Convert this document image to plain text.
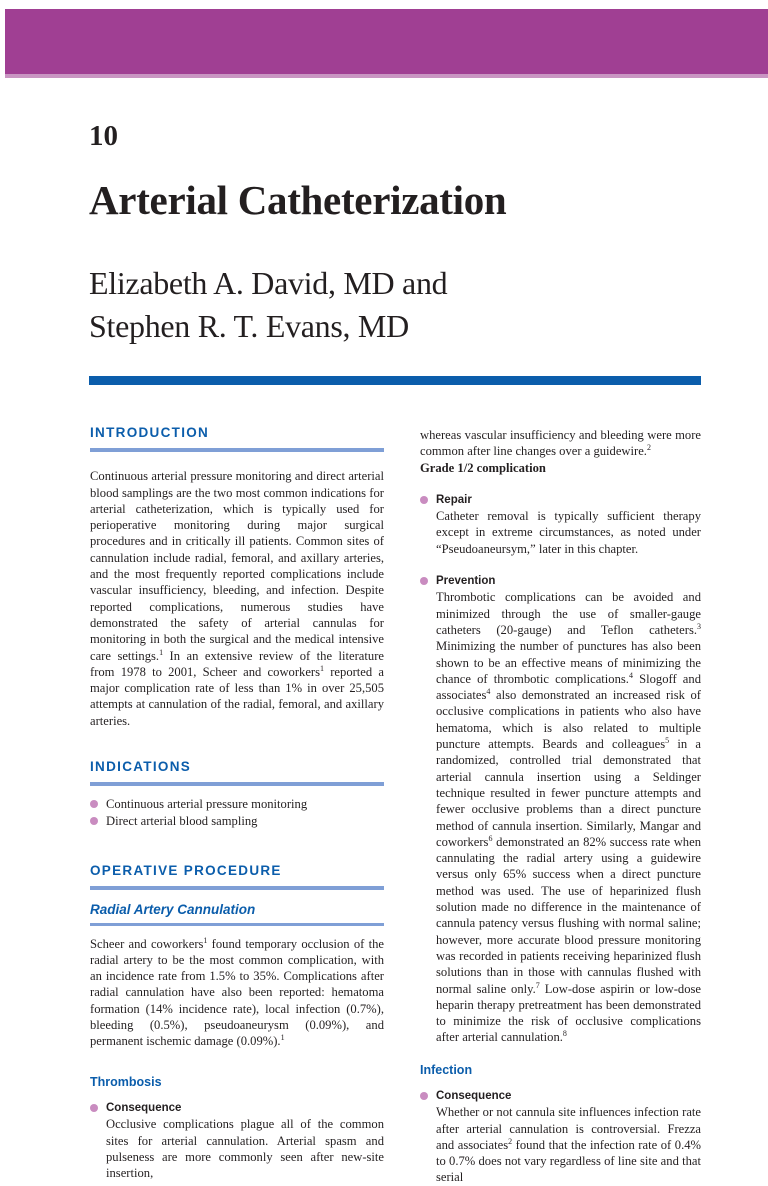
10
Arterial Catheterization
Elizabeth A. David, MD and
Stephen R. T. Evans, MD
INTRODUCTION

Continuous arterial pressure monitoring and direct arterial blood samplings are the two most common indications for arterial catheterization, which is typically used for perioperative monitoring during major surgical procedures and in critically ill patients. Common sites of cannulation include radial, femoral, and axillary arteries, and the most frequently reported complications include vascular insufficiency, bleeding, and infection. Despite reported complications, numerous studies have demonstrated the safety of arterial cannulas for monitoring in both the surgical and the medical intensive care settings.$^1$ In an extensive review of the literature from 1978 to 2001, Scheer and coworkers$^1$ reported a major complication rate of less than 1% in over 25,505 attempts at cannulation of the radial, femoral, and axillary arteries.

INDICATIONS
Continuous arterial pressure monitoring
Direct arterial blood sampling
OPERATIVE PROCEDURE
Radial Artery Cannulation

Scheer and coworkers$^1$ found temporary occlusion of the radial artery to be the most common complication, with an incidence rate from 1.5% to 35%. Complications after radial cannulation have also been reported: hematoma formation (14% incidence rate), local infection (0.7%), bleeding (0.5%), pseudoaneurysm (0.09%), and permanent ischemic damage (0.09%).$^1$

Thrombosis
Consequence

Occlusive complications plague all of the common sites for arterial cannulation. Arterial spasm and pulseness are more commonly seen after new-site insertion,

whereas vascular insufficiency and bleeding were more common after line changes over a guidewire.$^2$

Grade 1/2 complication
Repair

Catheter removal is typically sufficient therapy except in extreme circumstances, as noted under “Pseudoaneursym,” later in this chapter.

Prevention

Thrombotic complications can be avoided and minimized through the use of smaller-gauge catheters (20-gauge) and Teflon catheters.$^3$ Minimizing the number of punctures has also been shown to be an effective means of minimizing the chance of thrombotic complications.$^4$ Slogoff and associates$^4$ also demonstrated an increased risk of occlusive complications in patients who also have hematoma, which is also related to multiple puncture attempts. Beards and colleagues$^5$ in a randomized, controlled trial demonstrated that arterial cannula insertion using a Seldinger technique resulted in fewer puncture attempts and fewer occlusive problems than a direct puncture method of cannula insertion. Similarly, Mangar and coworkers$^6$ demonstrated an 82% success rate when cannulating the radial artery using a guidewire versus only 65% success when a direct puncture method was used. The use of heparinized flush solution made no difference in the maintenance of cannula patency versus flushing with normal saline; however, more accurate blood pressure monitoring was recorded in patients receiving heparinized flush solutions than in those with cannulas flushed with normal saline only.$^7$ Low-dose aspirin or low-dose heparin therapy pretreatment has been demonstrated to minimize the risk of occlusive complications after arterial cannulation.$^8$

Infection
Consequence

Whether or not cannula site influences infection rate after arterial cannulation is controversial. Frezza and associates$^2$ found that the infection rate of 0.4% to 0.7% does not vary regardless of line site and that serial
